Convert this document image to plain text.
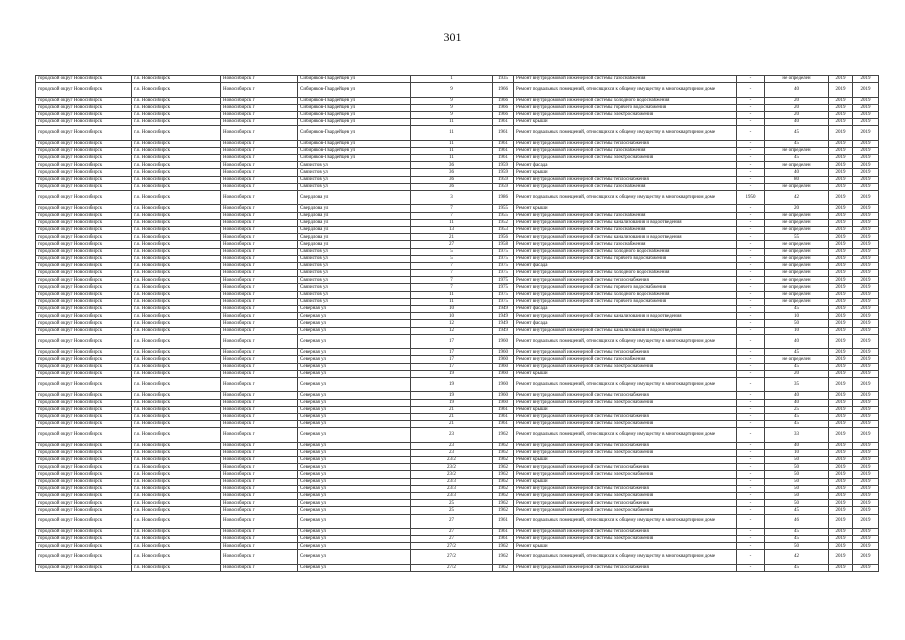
301
городской округ Новосибирск	г.о. Новосибирск	Новосибирск г	Сибиряков-Гвардейцев ул	1	1935	Ремонт внутридомовой инженерной системы газоснабжения	-	не определен	2019	2019
городской округ Новосибирск	г.о. Новосибирск	Новосибирск г	Сибиряков-Гвардейцев ул	9	1966	Ремонт подвальных помещений, относящихся к общему имуществу в многоквартирном доме	-	40	2019	2019
городской округ Новосибирск	г.о. Новосибирск	Новосибирск г	Сибиряков-Гвардейцев ул	9	1966	Ремонт внутридомовой инженерной системы холодного водоснабжения	-	20	2019	2019
городской округ Новосибирск	г.о. Новосибирск	Новосибирск г	Сибиряков-Гвардейцев ул	9	1966	Ремонт внутридомовой инженерной системы горячего водоснабжения	-	20	2019	2019
городской округ Новосибирск	г.о. Новосибирск	Новосибирск г	Сибиряков-Гвардейцев ул	9	1966	Ремонт внутридомовой инженерной системы электроснабжения	-	20	2019	2019
городской округ Новосибирск	г.о. Новосибирск	Новосибирск г	Сибиряков-Гвардейцев ул	11	1961	Ремонт крыши	-	40	2019	2019
городской округ Новосибирск	г.о. Новосибирск	Новосибирск г	Сибиряков-Гвардейцев ул	11	1961	Ремонт подвальных помещений, относящихся к общему имуществу в многоквартирном доме	-	45	2019	2019
городской округ Новосибирск	г.о. Новосибирск	Новосибирск г	Сибиряков-Гвардейцев ул	11	1961	Ремонт внутридомовой инженерной системы теплоснабжения	-	45	2019	2019
городской округ Новосибирск	г.о. Новосибирск	Новосибирск г	Сибиряков-Гвардейцев ул	11	1961	Ремонт внутридомовой инженерной системы газоснабжения	-	не определен	2019	2019
городской округ Новосибирск	г.о. Новосибирск	Новосибирск г	Сибиряков-Гвардейцев ул	11	1961	Ремонт внутридомовой инженерной системы электроснабжения	-	45	2019	2019
городской округ Новосибирск	г.о. Новосибирск	Новосибирск г	Связистов ул	36	1959	Ремонт фасада	-	не определен	2019	2019
городской округ Новосибирск	г.о. Новосибирск	Новосибирск г	Связистов ул	36	1959	Ремонт крыши	-	40	2019	2019
городской округ Новосибирск	г.о. Новосибирск	Новосибирск г	Связистов ул	36	1959	Ремонт внутридомовой инженерной системы теплоснабжения	-	80	2019	2019
городской округ Новосибирск	г.о. Новосибирск	Новосибирск г	Связистов ул	36	1959	Ремонт внутридомовой инженерной системы газоснабжения	-	не определен	2019	2019
городской округ Новосибирск	г.о. Новосибирск	Новосибирск г	Свердлова ул	3	1986	Ремонт подвальных помещений, относящихся к общему имуществу в многоквартирном доме	1950	42	2019	2019
городской округ Новосибирск	г.о. Новосибирск	Новосибирск г	Свердлова ул	7	1955	Ремонт крыши	-	20	2019	2019
городской округ Новосибирск	г.о. Новосибирск	Новосибирск г	Свердлова ул	7	1955	Ремонт внутридомовой инженерной системы газоснабжения	-	не определен	2019	2019
городской округ Новосибирск	г.о. Новосибирск	Новосибирск г	Свердлова ул	11	1952	Ремонт внутридомовой инженерной системы канализования и водоотведения	-	не определен	2019	2019
городской округ Новосибирск	г.о. Новосибирск	Новосибирск г	Свердлова ул	13	1953	Ремонт внутридомовой инженерной системы газоснабжения	-	не определен	2019	2019
городской округ Новосибирск	г.о. Новосибирск	Новосибирск г	Свердлова ул	21	1956	Ремонт внутридомовой инженерной системы канализования и водоотведения	-	55	2019	2019
городской округ Новосибирск	г.о. Новосибирск	Новосибирск г	Свердлова ул	27	1958	Ремонт внутридомовой инженерной системы газоснабжения	-	не определен	2019	2019
городской округ Новосибирск	г.о. Новосибирск	Новосибирск г	Связистов ул	5	1975	Ремонт внутридомовой инженерной системы холодного водоснабжения	-	не определен	2019	2019
городской округ Новосибирск	г.о. Новосибирск	Новосибирск г	Связистов ул	5	1975	Ремонт внутридомовой инженерной системы горячего водоснабжения	-	не определен	2019	2019
городской округ Новосибирск	г.о. Новосибирск	Новосибирск г	Связистов ул	7	1975	Ремонт фасада	-	не определен	2019	2019
городской округ Новосибирск	г.о. Новосибирск	Новосибирск г	Связистов ул	7	1975	Ремонт внутридомовой инженерной системы холодного водоснабжения	-	не определен	2019	2019
городской округ Новосибирск	г.о. Новосибирск	Новосибирск г	Связистов ул	7	1975	Ремонт внутридомовой инженерной системы теплоснабжения	-	не определен	2019	2019
городской округ Новосибирск	г.о. Новосибирск	Новосибирск г	Связистов ул	7	1975	Ремонт внутридомовой инженерной системы горячего водоснабжения	-	не определен	2019	2019
городской округ Новосибирск	г.о. Новосибирск	Новосибирск г	Связистов ул	11	1975	Ремонт внутридомовой инженерной системы холодного водоснабжения	-	не определен	2019	2019
городской округ Новосибирск	г.о. Новосибирск	Новосибирск г	Связистов ул	11	1975	Ремонт внутридомовой инженерной системы горячего водоснабжения	-	не определен	2019	2019
городской округ Новосибирск	г.о. Новосибирск	Новосибирск г	Северная ул	10	1949	Ремонт фасада	-	45	2019	2019
городской округ Новосибирск	г.о. Новосибирск	Новосибирск г	Северная ул	10	1949	Ремонт внутридомовой инженерной системы канализования и водоотведения	-	10	2019	2019
городской округ Новосибирск	г.о. Новосибирск	Новосибирск г	Северная ул	12	1949	Ремонт фасада	-	50	2019	2019
городской округ Новосибирск	г.о. Новосибирск	Новосибирск г	Северная ул	12	1949	Ремонт внутридомовой инженерной системы канализования и водоотведения	-	10	2019	2019
городской округ Новосибирск	г.о. Новосибирск	Новосибирск г	Северная ул	17	1960	Ремонт подвальных помещений, относящихся к общему имуществу в многоквартирном доме	-	40	2019	2019
городской округ Новосибирск	г.о. Новосибирск	Новосибирск г	Северная ул	17	1960	Ремонт внутридомовой инженерной системы теплоснабжения	-	45	2019	2019
городской округ Новосибирск	г.о. Новосибирск	Новосибирск г	Северная ул	17	1960	Ремонт внутридомовой инженерной системы газоснабжения	-	не определен	2019	2019
городской округ Новосибирск	г.о. Новосибирск	Новосибирск г	Северная ул	17	1960	Ремонт внутридомовой инженерной системы электроснабжения	-	45	2019	2019
городской округ Новосибирск	г.о. Новосибирск	Новосибирск г	Северная ул	19	1960	Ремонт крыши	-	20	2019	2019
городской округ Новосибирск	г.о. Новосибирск	Новосибирск г	Северная ул	19	1960	Ремонт подвальных помещений, относящихся к общему имуществу в многоквартирном доме	-	35	2019	2019
городской округ Новосибирск	г.о. Новосибирск	Новосибирск г	Северная ул	19	1960	Ремонт внутридомовой инженерной системы теплоснабжения	-	40	2019	2019
городской округ Новосибирск	г.о. Новосибирск	Новосибирск г	Северная ул	19	1960	Ремонт внутридомовой инженерной системы электроснабжения	-	40	2019	2019
городской округ Новосибирск	г.о. Новосибирск	Новосибирск г	Северная ул	21	1961	Ремонт крыши	-	25	2019	2019
городской округ Новосибирск	г.о. Новосибирск	Новосибирск г	Северная ул	21	1961	Ремонт внутридомовой инженерной системы теплоснабжения	-	45	2019	2019
городской округ Новосибирск	г.о. Новосибирск	Новосибирск г	Северная ул	21	1961	Ремонт внутридомовой инженерной системы электроснабжения	-	45	2019	2019
городской округ Новосибирск	г.о. Новосибирск	Новосибирск г	Северная ул	23	1962	Ремонт подвальных помещений, относящихся к общему имуществу в многоквартирном доме	-	33	2019	2019
городской округ Новосибирск	г.о. Новосибирск	Новосибирск г	Северная ул	23	1962	Ремонт внутридомовой инженерной системы теплоснабжения	-	40	2019	2019
городской округ Новосибирск	г.о. Новосибирск	Новосибирск г	Северная ул	23	1962	Ремонт внутридомовой инженерной системы электроснабжения	-	10	2019	2019
городской округ Новосибирск	г.о. Новосибирск	Новосибирск г	Северная ул	23/2	1962	Ремонт крыши	-	50	2019	2019
городской округ Новосибирск	г.о. Новосибирск	Новосибирск г	Северная ул	23/2	1962	Ремонт внутридомовой инженерной системы теплоснабжения	-	50	2019	2019
городской округ Новосибирск	г.о. Новосибирск	Новосибирск г	Северная ул	23/2	1962	Ремонт внутридомовой инженерной системы электроснабжения	-	50	2019	2019
городской округ Новосибирск	г.о. Новосибирск	Новосибирск г	Северная ул	23/3	1962	Ремонт крыши	-	50	2019	2019
городской округ Новосибирск	г.о. Новосибирск	Новосибирск г	Северная ул	23/3	1962	Ремонт внутридомовой инженерной системы теплоснабжения	-	50	2019	2019
городской округ Новосибирск	г.о. Новосибирск	Новосибирск г	Северная ул	23/3	1962	Ремонт внутридомовой инженерной системы электроснабжения	-	50	2019	2019
городской округ Новосибирск	г.о. Новосибирск	Новосибирск г	Северная ул	25	1962	Ремонт внутридомовой инженерной системы теплоснабжения	-	50	2019	2019
городской округ Новосибирск	г.о. Новосибирск	Новосибирск г	Северная ул	25	1962	Ремонт внутридомовой инженерной системы электроснабжения	-	45	2019	2019
городской округ Новосибирск	г.о. Новосибирск	Новосибирск г	Северная ул	27	1961	Ремонт подвальных помещений, относящихся к общему имуществу в многоквартирном доме	-	46	2019	2019
городской округ Новосибирск	г.о. Новосибирск	Новосибирск г	Северная ул	27	1961	Ремонт внутридомовой инженерной системы теплоснабжения	-	45	2019	2019
городской округ Новосибирск	г.о. Новосибирск	Новосибирск г	Северная ул	27	1961	Ремонт внутридомовой инженерной системы электроснабжения	-	45	2019	2019
городской округ Новосибирск	г.о. Новосибирск	Новосибирск г	Северная ул	27/2	1962	Ремонт крыши	-	50	2019	2019
городской округ Новосибирск	г.о. Новосибирск	Новосибирск г	Северная ул	27/2	1962	Ремонт подвальных помещений, относящихся к общему имуществу в многоквартирном доме	-	42	2019	2019
городской округ Новосибирск	г.о. Новосибирск	Новосибирск г	Северная ул	27/2	1962	Ремонт внутридомовой инженерной системы теплоснабжения	-	45	2019	2019
